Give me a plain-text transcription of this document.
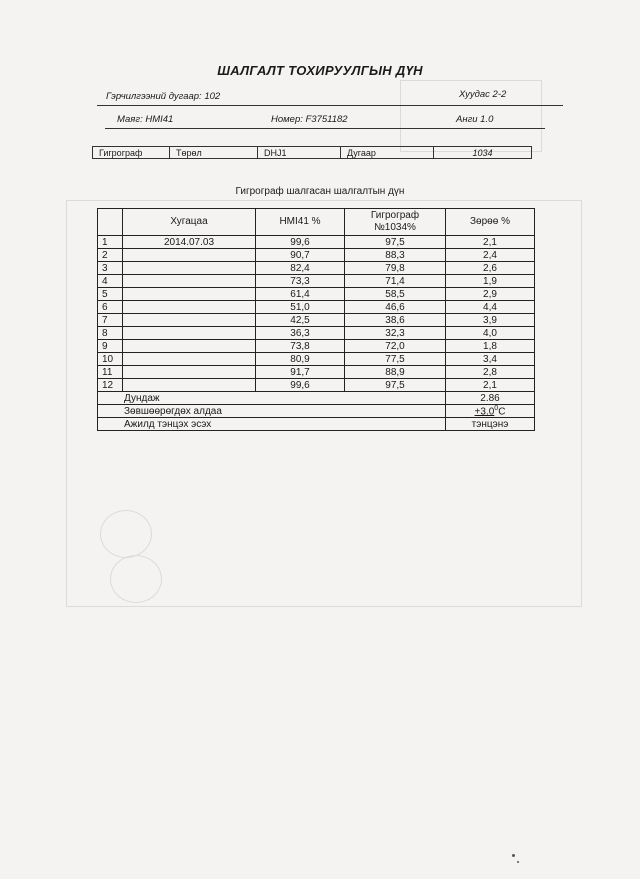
ШАЛГАЛТ ТОХИРУУЛГЫН ДҮН
Гэрчилгээний дугаар: 102	Хуудас 2-2
Маяг: HMI41	Номер: F3751182	Анги 1.0
Гигрограф	Төрөл	DHJ1	Дугаар	1034
Гигрограф шалгасан шалгалтын дүн
	Хугацаа	HMI41 %	Гигрограф
№1034%	Зөрөө %
1	2014.07.03	99,6	97,5	2,1
2		90,7	88,3	2,4
3		82,4	79,8	2,6
4		73,3	71,4	1,9
5		61,4	58,5	2,9
6		51,0	46,6	4,4
7		42,5	38,6	3,9
8		36,3	32,3	4,0
9		73,8	72,0	1,8
10		80,9	77,5	3,4
11		91,7	88,9	2,8
12		99,6	97,5	2,1
Дундаж				2.86
Зөвшөөрөгдөх алдаа				$+3.0^0C$
Ажилд тэнцэх эсэх				тэнцэнэ
